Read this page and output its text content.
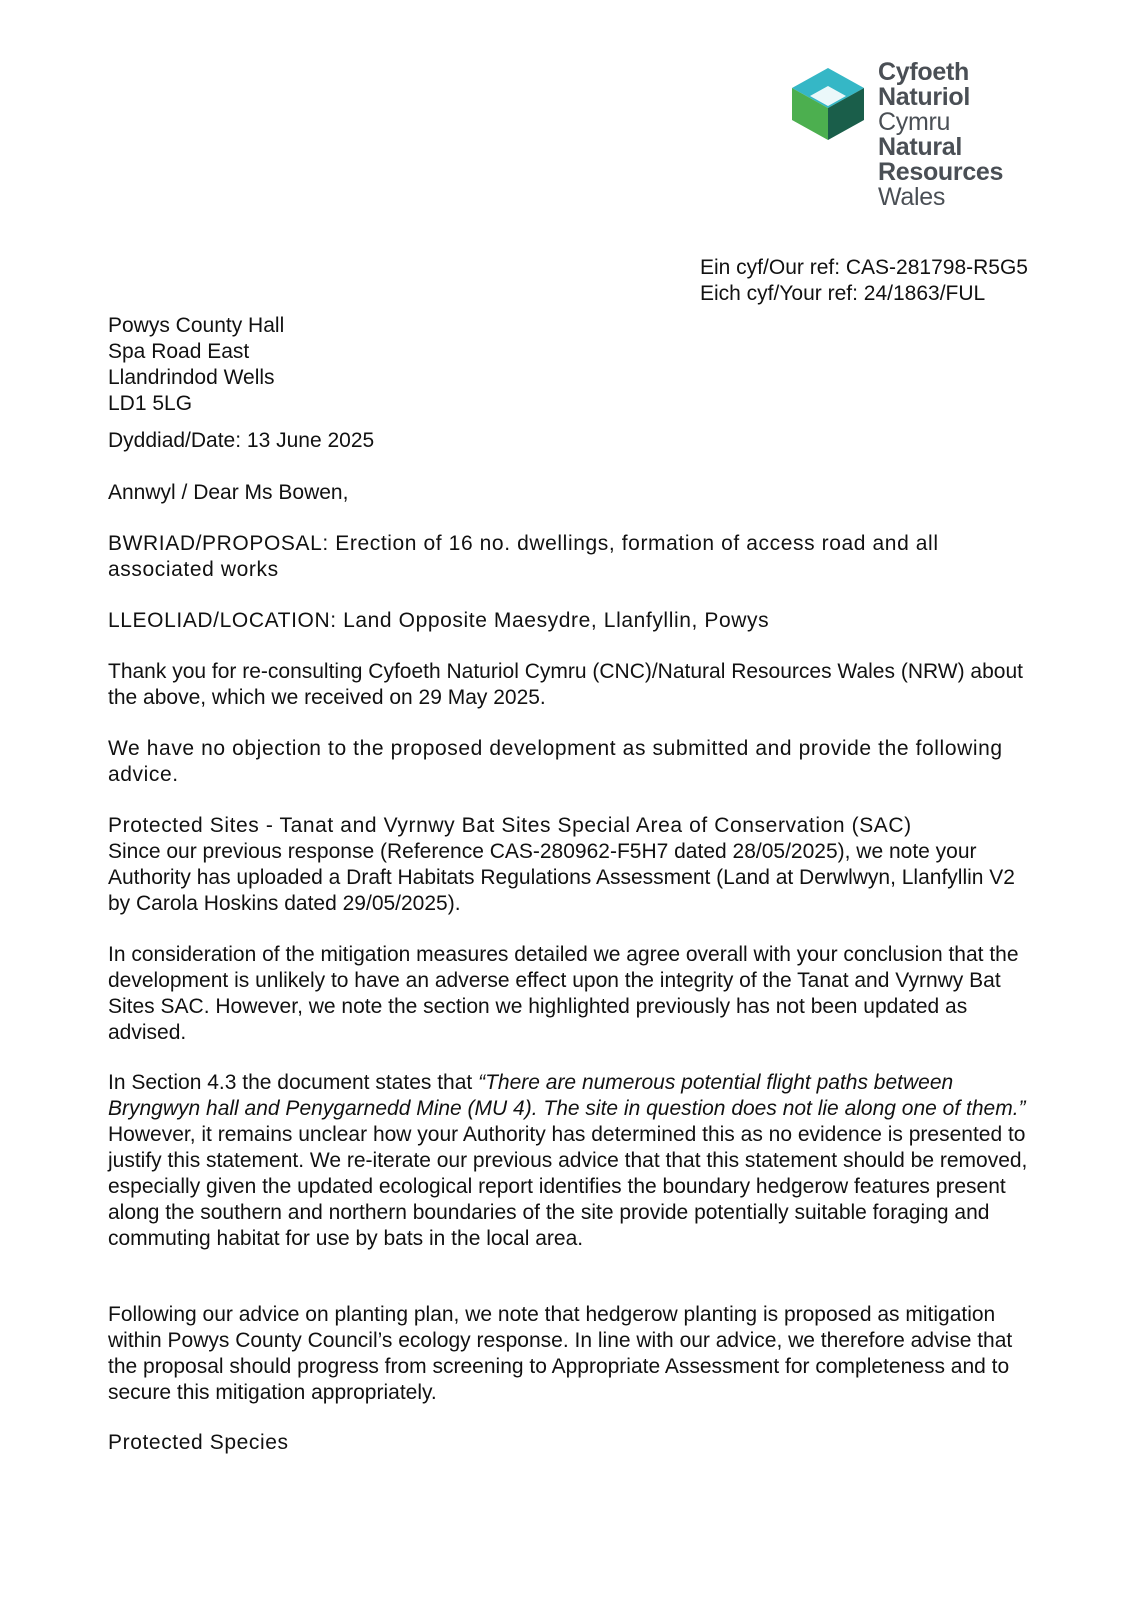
Cyfoeth
Naturiol
Cymru
Natural
Resources
Wales
Ein cyf/Our ref: CAS-281798-R5G5
Eich cyf/Your ref: 24/1863/FUL
Powys County Hall
Spa Road East
Llandrindod Wells
LD1 5LG

Dyddiad/Date: 13 June 2025

Annwyl / Dear Ms Bowen,

BWRIAD/PROPOSAL: Erection of 16 no. dwellings, formation of access road and all associated works

LLEOLIAD/LOCATION: Land Opposite Maesydre, Llanfyllin, Powys

Thank you for re-consulting Cyfoeth Naturiol Cymru (CNC)/Natural Resources Wales (NRW) about the above, which we received on 29 May 2025.

We have no objection to the proposed development as submitted and provide the following advice.

Protected Sites - Tanat and Vyrnwy Bat Sites Special Area of Conservation (SAC)
Since our previous response (Reference CAS-280962-F5H7 dated 28/05/2025), we note your Authority has uploaded a Draft Habitats Regulations Assessment (Land at Derwlwyn, Llanfyllin V2 by Carola Hoskins dated 29/05/2025).

In consideration of the mitigation measures detailed we agree overall with your conclusion that the development is unlikely to have an adverse effect upon the integrity of the Tanat and Vyrnwy Bat Sites SAC. However, we note the section we highlighted previously has not been updated as advised.

In Section 4.3 the document states that “There are numerous potential flight paths between Bryngwyn hall and Penygarnedd Mine (MU 4). The site in question does not lie along one of them.” However, it remains unclear how your Authority has determined this as no evidence is presented to justify this statement. We re-iterate our previous advice that that this statement should be removed, especially given the updated ecological report identifies the boundary hedgerow features present along the southern and northern boundaries of the site provide potentially suitable foraging and commuting habitat for use by bats in the local area.

Following our advice on planting plan, we note that hedgerow planting is proposed as mitigation within Powys County Council’s ecology response. In line with our advice, we therefore advise that the proposal should progress from screening to Appropriate Assessment for completeness and to secure this mitigation appropriately.

Protected Species
